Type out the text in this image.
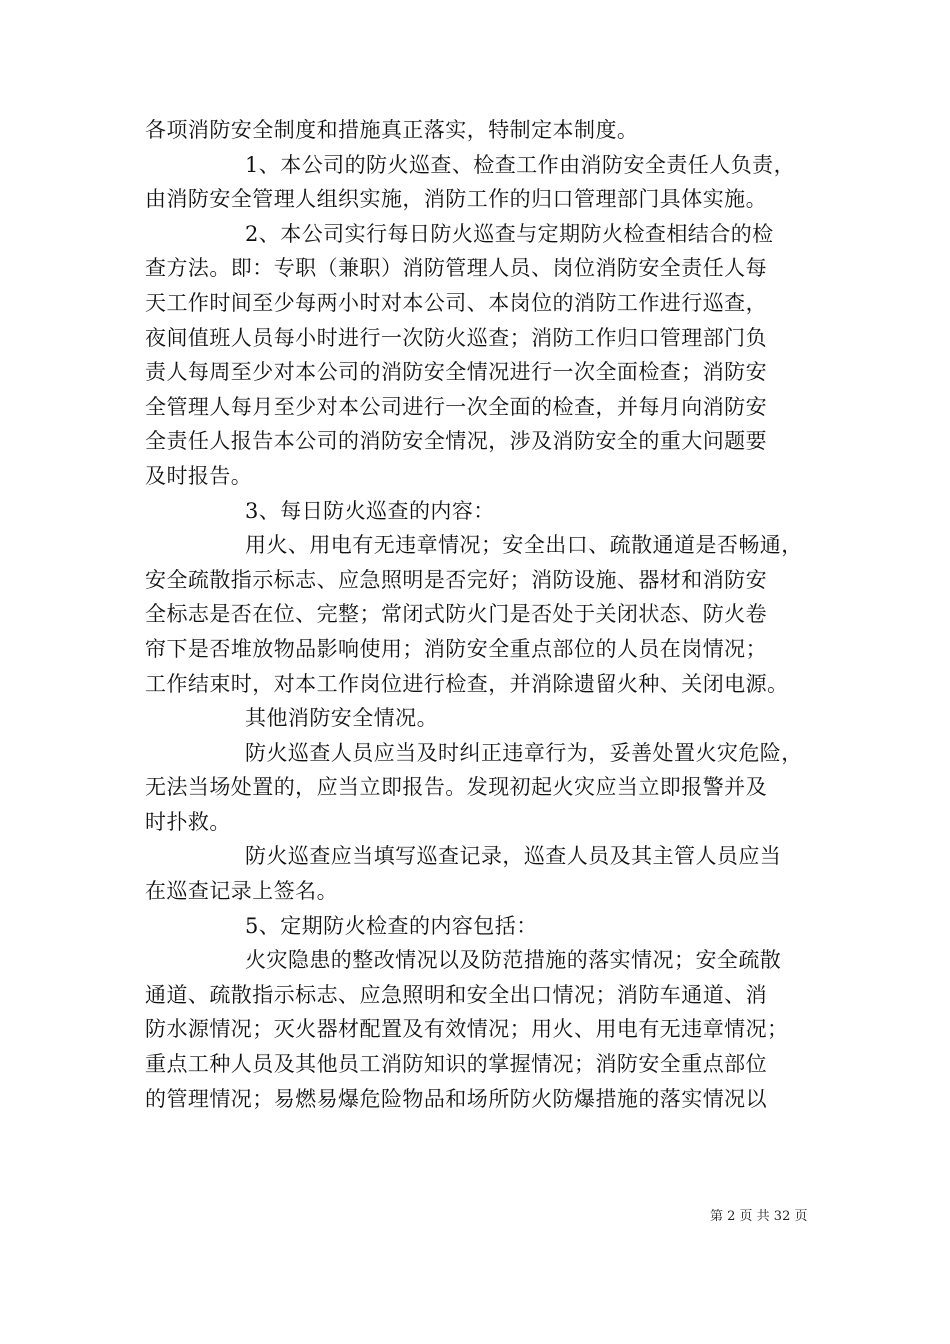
各项消防安全制度和措施真正落实，特制定本制度。
1、本公司的防火巡查、检查工作由消防安全责任人负责，
由消防安全管理人组织实施，消防工作的归口管理部门具体实施。
2、本公司实行每日防火巡查与定期防火检查相结合的检
查方法。即：专职（兼职）消防管理人员、岗位消防安全责任人每
天工作时间至少每两小时对本公司、本岗位的消防工作进行巡查，
夜间值班人员每小时进行一次防火巡查；消防工作归口管理部门负
责人每周至少对本公司的消防安全情况进行一次全面检查；消防安
全管理人每月至少对本公司进行一次全面的检查，并每月向消防安
全责任人报告本公司的消防安全情况，涉及消防安全的重大问题要
及时报告。
3、每日防火巡查的内容：
用火、用电有无违章情况；安全出口、疏散通道是否畅通，
安全疏散指示标志、应急照明是否完好；消防设施、器材和消防安
全标志是否在位、完整；常闭式防火门是否处于关闭状态、防火卷
帘下是否堆放物品影响使用；消防安全重点部位的人员在岗情况；
工作结束时，对本工作岗位进行检查，并消除遗留火种、关闭电源。
其他消防安全情况。
防火巡查人员应当及时纠正违章行为，妥善处置火灾危险，
无法当场处置的，应当立即报告。发现初起火灾应当立即报警并及
时扑救。
防火巡查应当填写巡查记录，巡查人员及其主管人员应当
在巡查记录上签名。
5、定期防火检查的内容包括：
火灾隐患的整改情况以及防范措施的落实情况；安全疏散
通道、疏散指示标志、应急照明和安全出口情况；消防车通道、消
防水源情况；灭火器材配置及有效情况；用火、用电有无违章情况；
重点工种人员及其他员工消防知识的掌握情况；消防安全重点部位
的管理情况；易燃易爆危险物品和场所防火防爆措施的落实情况以
第 2 页 共 32 页
